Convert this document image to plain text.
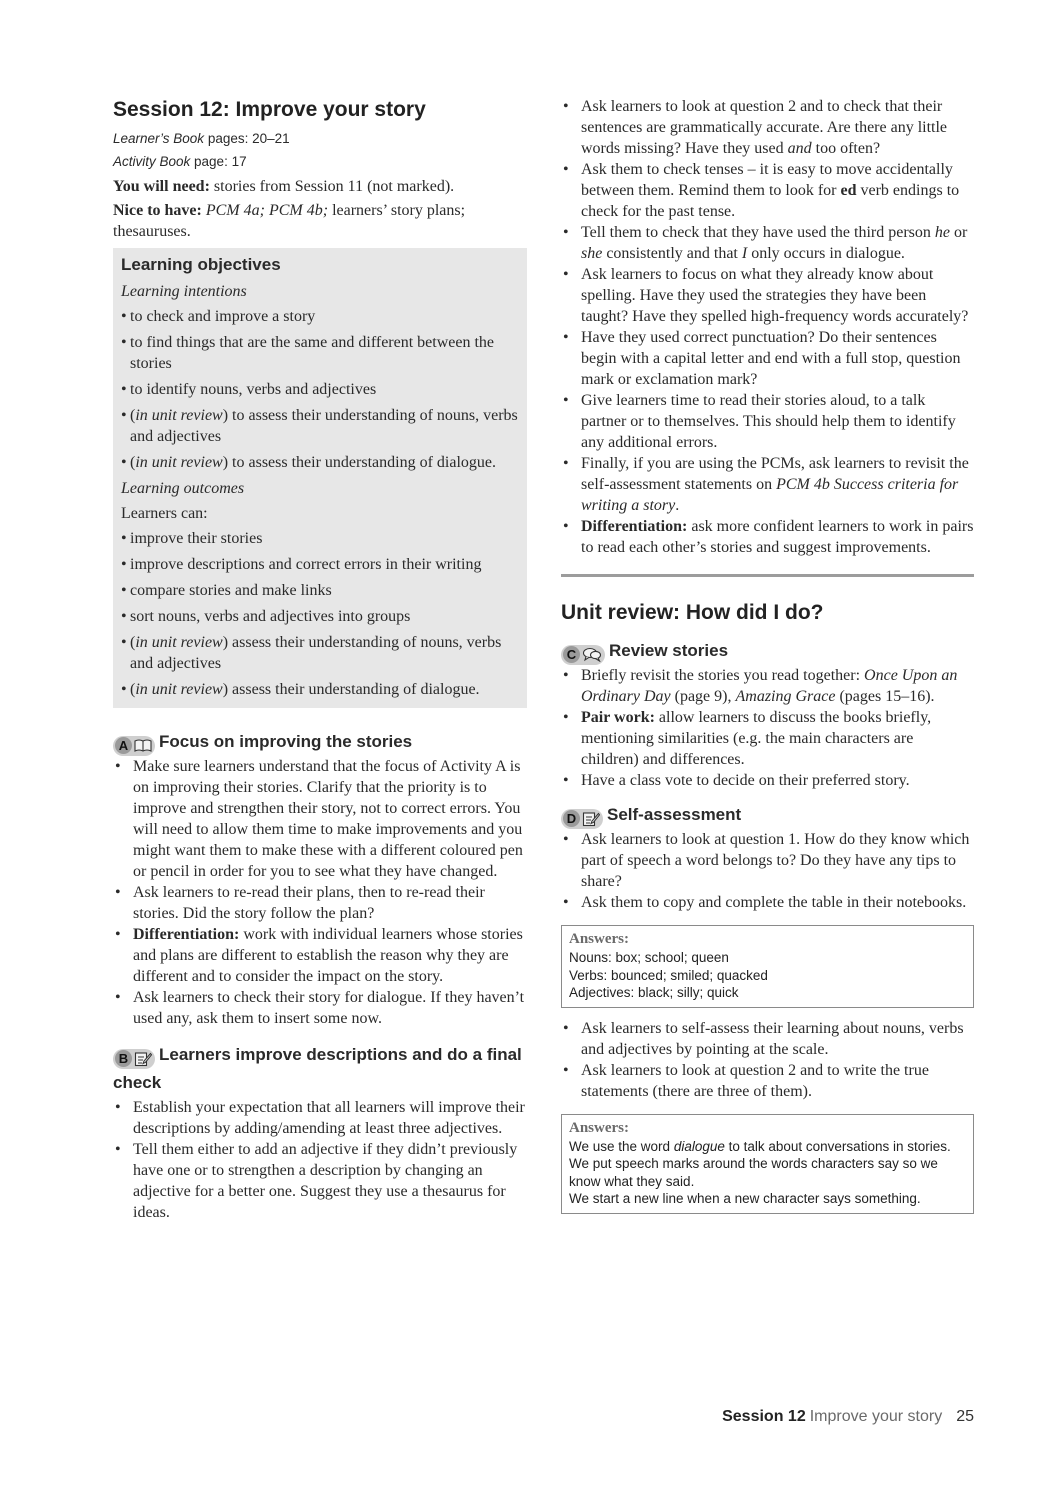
Session 12: Improve your story

Learner’s Book pages: 20–21

Activity Book page: 17

You will need: stories from Session 11 (not marked).

Nice to have: PCM 4a; PCM 4b; learners’ story plans; thesauruses.

Learning objectives
Learning intentions
• to check and improve a story
• to find things that are the same and different between the stories
• to identify nouns, verbs and adjectives
• (in unit review) to assess their understanding of nouns, verbs and adjectives
• (in unit review) to assess their understanding of dialogue.
Learning outcomes
Learners can:
• improve their stories
• improve descriptions and correct errors in their writing
• compare stories and make links
• sort nouns, verbs and adjectives into groups
• (in unit review) assess their understanding of nouns, verbs and adjectives
• (in unit review) assess their understanding of dialogue.
A Focus on improving the stories
• Make sure learners understand that the focus of Activity A is on improving their stories. Clarify that the priority is to improve and strengthen their story, not to correct errors. You will need to allow them time to make improvements and you might want them to make these with a different coloured pen or pencil in order for you to see what they have changed.
• Ask learners to re-read their plans, then to re-read their stories. Did the story follow the plan?
• Differentiation: work with individual learners whose stories and plans are different to establish the reason why they are different and to consider the impact on the story.
• Ask learners to check their story for dialogue. If they haven’t used any, ask them to insert some now.
B Learners improve descriptions and do a final check
• Establish your expectation that all learners will improve their descriptions by adding/amending at least three adjectives.
• Tell them either to add an adjective if they didn’t previously have one or to strengthen a description by changing an adjective for a better one. Suggest they use a thesaurus for ideas.
• Ask learners to look at question 2 and to check that their sentences are grammatically accurate. Are there any little words missing? Have they used and too often?
• Ask them to check tenses – it is easy to move accidentally between them. Remind them to look for ed verb endings to check for the past tense.
• Tell them to check that they have used the third person he or she consistently and that I only occurs in dialogue.
• Ask learners to focus on what they already know about spelling. Have they used the strategies they have been taught? Have they spelled high-frequency words accurately?
• Have they used correct punctuation? Do their sentences begin with a capital letter and end with a full stop, question mark or exclamation mark?
• Give learners time to read their stories aloud, to a talk partner or to themselves. This should help them to identify any additional errors.
• Finally, if you are using the PCMs, ask learners to revisit the self-assessment statements on PCM 4b Success criteria for writing a story.
• Differentiation: ask more confident learners to work in pairs to read each other’s stories and suggest improvements.
Unit review: How did I do?
C Review stories
• Briefly revisit the stories you read together: Once Upon an Ordinary Day (page 9), Amazing Grace (pages 15–16).
• Pair work: allow learners to discuss the books briefly, mentioning similarities (e.g. the main characters are children) and differences.
• Have a class vote to decide on their preferred story.
D Self-assessment
• Ask learners to look at question 1. How do they know which part of speech a word belongs to? Do they have any tips to share?
• Ask them to copy and complete the table in their notebooks.
Answers:
Nouns: box; school; queen
Verbs: bounced; smiled; quacked
Adjectives: black; silly; quick
• Ask learners to self-assess their learning about nouns, verbs and adjectives by pointing at the scale.
• Ask learners to look at question 2 and to write the true statements (there are three of them).
Answers:
We use the word dialogue to talk about conversations in stories.
We put speech marks around the words characters say so we know what they said.
We start a new line when a new character says something.
Session 12 Improve your story 25
